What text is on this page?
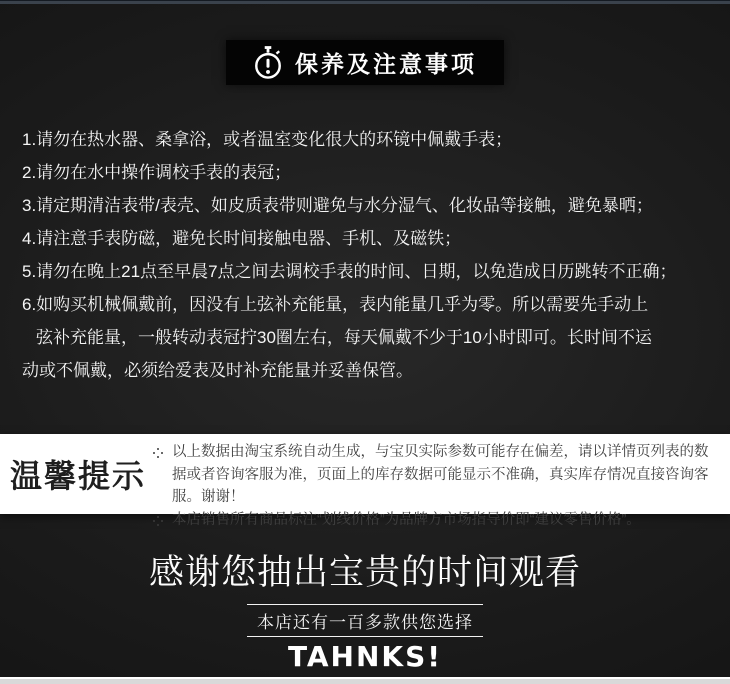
保养及注意事项
1.请勿在热水器、桑拿浴，或者温室变化很大的环镜中佩戴手表；
2.请勿在水中操作调校手表的表冠；
3.请定期清洁表带/表壳、如皮质表带则避免与水分湿气、化妆品等接触，避免暴晒；
4.请注意手表防磁，避免长时间接触电器、手机、及磁铁；
5.请勿在晚上21点至早晨7点之间去调校手表的时间、日期，以免造成日历跳转不正确；
6.如购买机械佩戴前，因没有上弦补充能量，表内能量几乎为零。所以需要先手动上
弦补充能量，一般转动表冠拧30圈左右，每天佩戴不少于10小时即可。长时间不运
动或不佩戴，必须给爱表及时补充能量并妥善保管。
温馨提示
以上数据由淘宝系统自动生成，与宝贝实际参数可能存在偏差，请以详情页列表的数据或者咨询客服为准，页面上的库存数据可能显示不准确，真实库存情况直接咨询客服。谢谢！
本店销售所有商品标注“划线价格”为品牌方市场指导价即“建议零售价格”。
感谢您抽出宝贵的时间观看
本店还有一百多款供您选择
TAHNKS!
